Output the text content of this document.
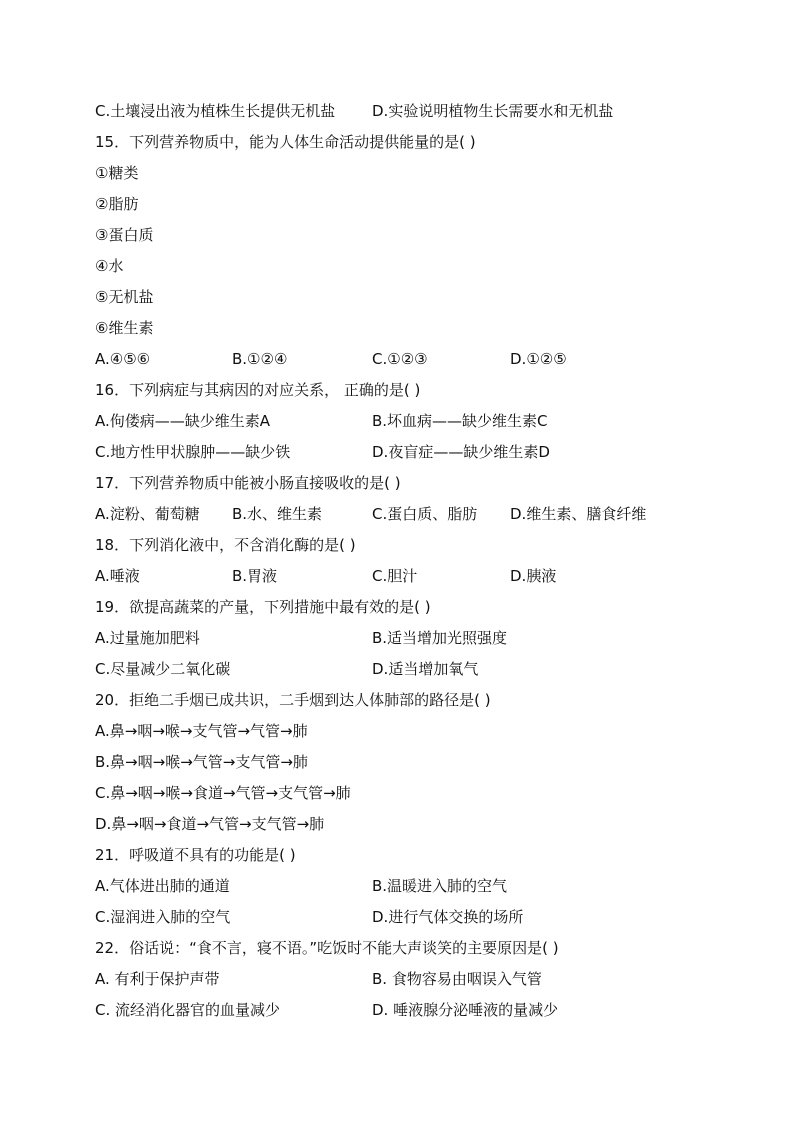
C.土壤浸出液为植株生长提供无机盐 D.实验说明植物生长需要水和无机盐
15．下列营养物质中，能为人体生命活动提供能量的是( )
①糖类
②脂肪
③蛋白质
④水
⑤无机盐
⑥维生素
A.④⑤⑥	B.①②④	C.①②③	D.①②⑤
16．下列病症与其病因的对应关系， 正确的是( )
A.佝偻病——缺少维生素A	B.坏血病——缺少维生素C
C.地方性甲状腺肿——缺少铁	D.夜盲症——缺少维生素D
17．下列营养物质中能被小肠直接吸收的是( )
A.淀粉、葡萄糖 B.水、维生素	C.蛋白质、脂肪 D.维生素、膳食纤维
18．下列消化液中，不含消化酶的是( )
A.唾液	B.胃液	C.胆汁	D.胰液
19．欲提高蔬菜的产量，下列措施中最有效的是( )
A.过量施加肥料	B.适当增加光照强度
C.尽量减少二氧化碳	D.适当增加氧气
20．拒绝二手烟已成共识，二手烟到达人体肺部的路径是( )
A.鼻→咽→喉→支气管→气管→肺
B.鼻→咽→喉→气管→支气管→肺
C.鼻→咽→喉→食道→气管→支气管→肺
D.鼻→咽→食道→气管→支气管→肺
21．呼吸道不具有的功能是( )
A.气体进出肺的通道	B.温暖进入肺的空气
C.湿润进入肺的空气	D.进行气体交换的场所
22．俗话说：“食不言，寝不语。”吃饭时不能大声谈笑的主要原因是( )
A. 有利于保护声带	B. 食物容易由咽误入气管
C. 流经消化器官的血量减少	D. 唾液腺分泌唾液的量减少
